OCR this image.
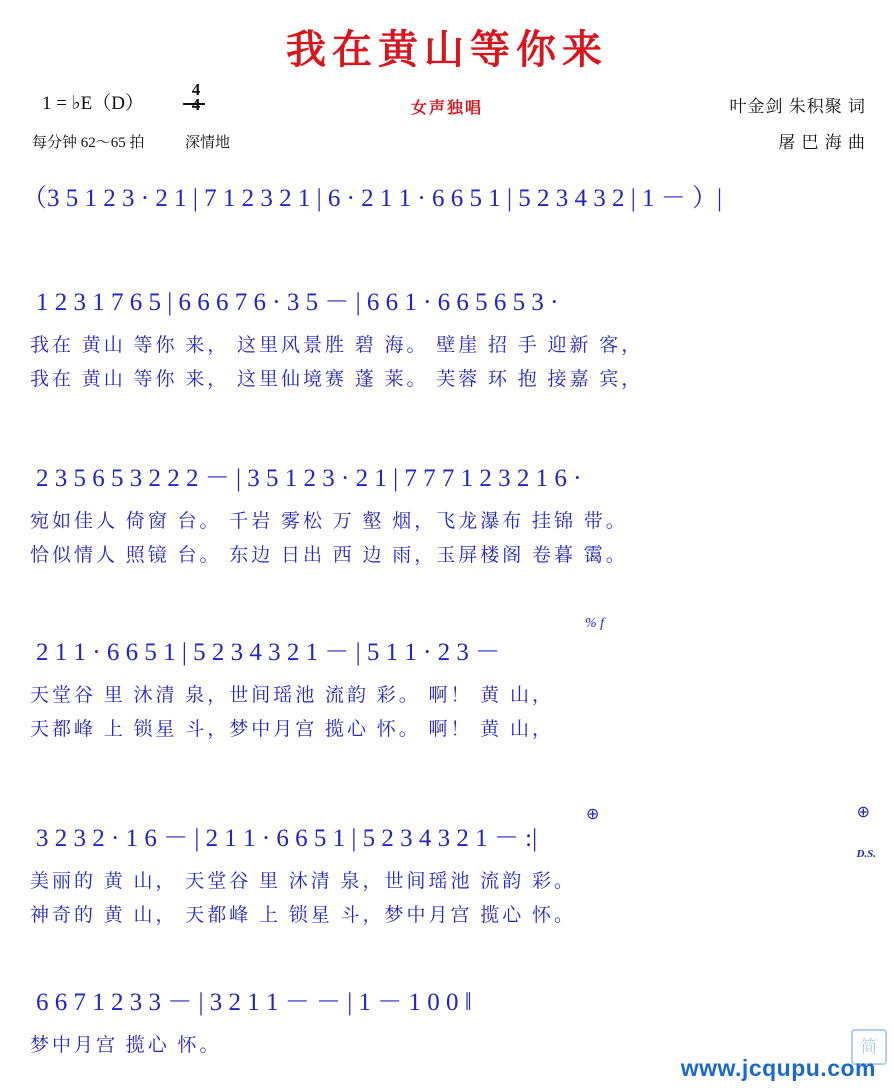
我在黄山等你来
1 = ♭E（D）
4
每分钟 62～65 拍	深情地
女声独唱	叶金剑 朱积聚 词
屠 巴 海 曲
（3 5 1 2 3 · 2 1 | 7 1 2 3 2 1 | 6 · 2 1 1 · 6 6 5 1 | 5 2 3 4 3 2 | 1 － ）|
1 2 3 1 7 6 5 | 6 6 6 7 6 · 3 5 － | 6 6 1 · 6 6 5 6 5 3 ·
我在 黄山 等你 来， 这里风景胜 碧 海。 壁崖 招 手 迎新 客，
我在 黄山 等你 来， 这里仙境赛 蓬 莱。 芙蓉 环 抱 接嘉 宾，
2 3 5 6 5 3 2 2 2 － | 3 5 1 2 3 · 2 1 | 7 7 7 1 2 3 2 1 6 ·
宛如佳人 倚窗 台。 千岩 雾松 万 壑 烟，飞龙瀑布 挂锦 带。
恰似情人 照镜 台。 东边 日出 西 边 雨，玉屏楼阁 卷暮 霭。
% f
2 1 1 · 6 6 5 1 | 5 2 3 4 3 2 1 － | 5 1 1 · 2 3 －
天堂谷 里 沐清 泉，世间瑶池 流韵 彩。 啊！ 黄 山，
天都峰 上 锁星 斗，梦中月宫 揽心 怀。 啊！ 黄 山，
3 2 3 2 · 1 6 － | 2 1 1 · 6 6 5 1 | 5 2 3 4 3 2 1 － :|
D.S.
⊕	⊕
美丽的 黄 山， 天堂谷 里 沐清 泉，世间瑶池 流韵 彩。
神奇的 黄 山， 天都峰 上 锁星 斗，梦中月宫 揽心 怀。
6 6 7 1 2 3 3 － | 3 2 1 1 － － | 1 － 1 0 0 ‖
梦中月宫 揽心 怀。
www.jcqupu.com
简
